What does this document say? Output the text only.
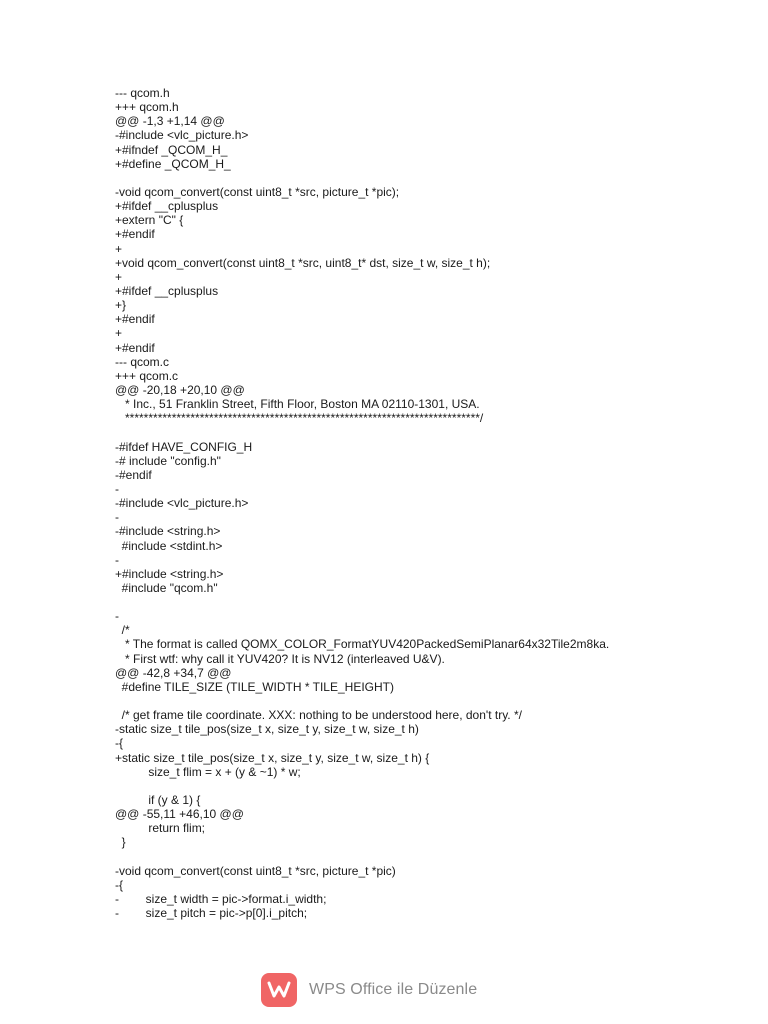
--- qcom.h
+++ qcom.h
@@ -1,3 +1,14 @@
-#include <vlc_picture.h>
+#ifndef _QCOM_H_
+#define _QCOM_H_
-void qcom_convert(const uint8_t *src, picture_t *pic);
+#ifdef __cplusplus
+extern "C" {
+#endif
+
+void qcom_convert(const uint8_t *src, uint8_t* dst, size_t w, size_t h);
+
+#ifdef __cplusplus
+}
+#endif
+
+#endif
--- qcom.c
+++ qcom.c
@@ -20,18 +20,10 @@
* Inc., 51 Franklin Street, Fifth Floor, Boston MA 02110-1301, USA.
****************************************************************************/
-#ifdef HAVE_CONFIG_H
-# include "config.h"
-#endif
-
-#include <vlc_picture.h>
-
-#include <string.h>
#include <stdint.h>
-
+#include <string.h>
#include "qcom.h"
-
/*
* The format is called QOMX_COLOR_FormatYUV420PackedSemiPlanar64x32Tile2m8ka.
* First wtf: why call it YUV420? It is NV12 (interleaved U&V).
@@ -42,8 +34,7 @@
#define TILE_SIZE (TILE_WIDTH * TILE_HEIGHT)
/* get frame tile coordinate. XXX: nothing to be understood here, don't try. */
-static size_t tile_pos(size_t x, size_t y, size_t w, size_t h)
-{
+static size_t tile_pos(size_t x, size_t y, size_t w, size_t h) {
size_t flim = x + (y & ~1) * w;
if (y & 1) {
@@ -55,11 +46,10 @@
return flim;
}
-void qcom_convert(const uint8_t *src, picture_t *pic)
-{
-        size_t width = pic->format.i_width;
-        size_t pitch = pic->p[0].i_pitch;
WPS Office ile Düzenle
